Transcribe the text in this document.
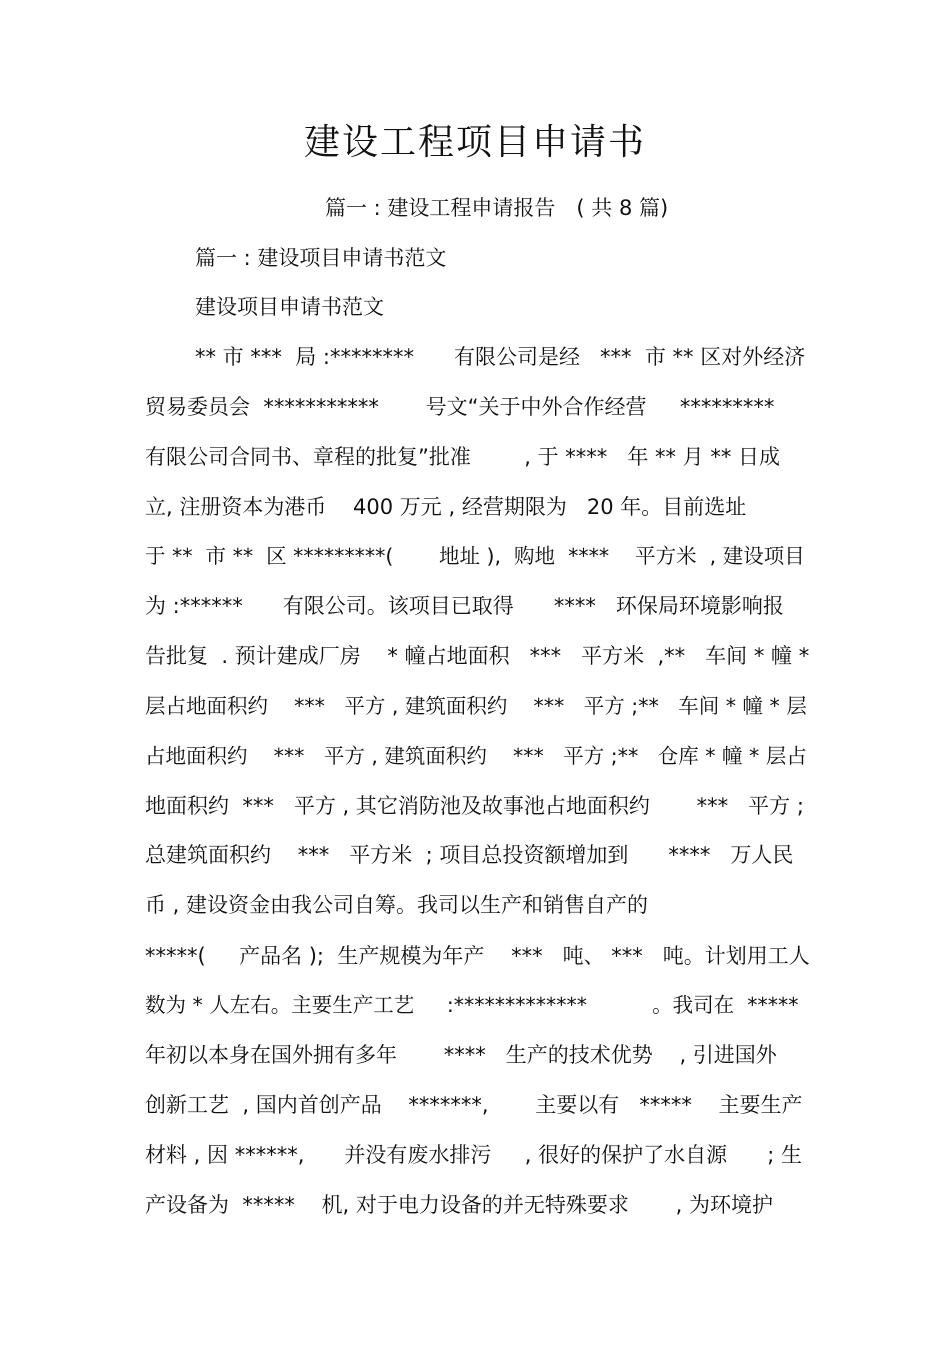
建设工程项目申请书
篇一 : 建设工程申请报告　( 共 8 篇)
篇一 : 建设项目申请书范文
建设项目申请书范文
** 市 ***  局 :********      有限公司是经   ***  市 ** 区对外经济
贸易委员会  ***********       号文“关于中外合作经营     *********
有限公司合同书、章程的批复”批准        , 于 ****   年 ** 月 ** 日成
立, 注册资本为港币    400 万元 , 经营期限为   20 年。目前选址
于 **  市 **  区 *********(       地址 ),  购地  ****    平方米  , 建设项目
为 :******      有限公司。该项目已取得      ****   环保局环境影响报
告批复  . 预计建成厂房    * 幢占地面积   ***   平方米  ,**   车间 * 幢 *
层占地面积约    ***   平方 , 建筑面积约    ***   平方 ;**   车间 * 幢 * 层
占地面积约    ***   平方 , 建筑面积约    ***   平方 ;**   仓库 * 幢 * 层占
地面积约  ***   平方 , 其它消防池及故事池占地面积约       ***   平方 ;
总建筑面积约    ***   平方米  ; 项目总投资额增加到      ****   万人民
币 , 建设资金由我公司自筹。我司以生产和销售自产的
*****(     产品名 );  生产规模为年产    ***   吨、 ***   吨。计划用工人
数为 * 人左右。主要生产工艺     :*************          。我司在  *****
年初以本身在国外拥有多年       ****   生产的技术优势    , 引进国外
创新工艺  , 国内首创产品    *******,       主要以有   *****    主要生产
材料 , 因 ******,      并没有废水排污     , 很好的保护了水自源      ; 生
产设备为  *****    机, 对于电力设备的并无特殊要求       , 为环境护
